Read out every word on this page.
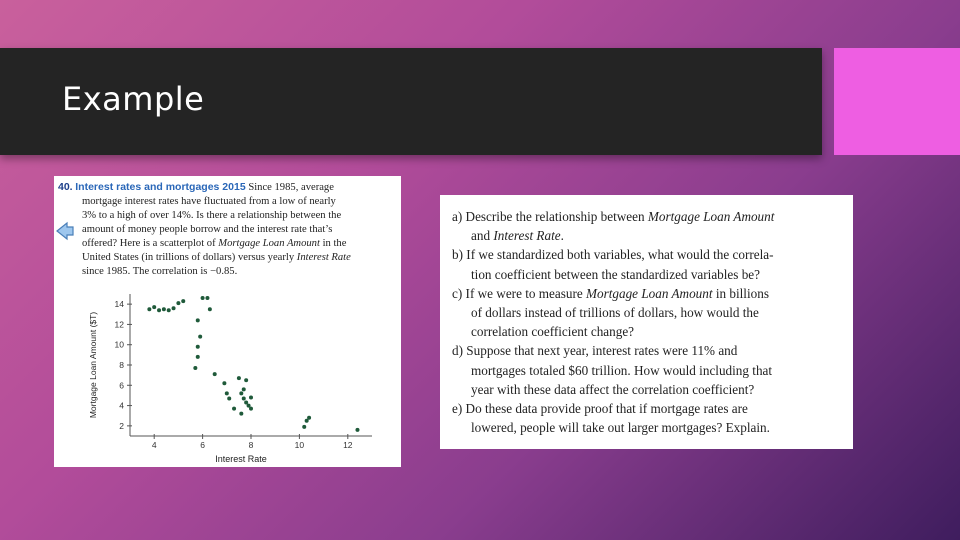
Example
40. Interest rates and mortgages 2015 Since 1985, average
mortgage interest rates have fluctuated from a low of nearly
3% to a high of over 14%. Is there a relationship between the
amount of money people borrow and the interest rate that’s
offered? Here is a scatterplot of Mortgage Loan Amount in the
United States (in trillions of dollars) versus yearly Interest Rate
since 1985. The correlation is −0.85.
2
4
6
8
10
12
14
4	6	8	10	12
Interest Rate
Mortgage Loan Amount ($T)
a) Describe the relationship between Mortgage Loan Amount
and Interest Rate.
b) If we standardized both variables, what would the correla-
tion coefficient between the standardized variables be?
c) If we were to measure Mortgage Loan Amount in billions
of dollars instead of trillions of dollars, how would the
correlation coefficient change?
d) Suppose that next year, interest rates were 11% and
mortgages totaled $60 trillion. How would including that
year with these data affect the correlation coefficient?
e) Do these data provide proof that if mortgage rates are
lowered, people will take out larger mortgages? Explain.
